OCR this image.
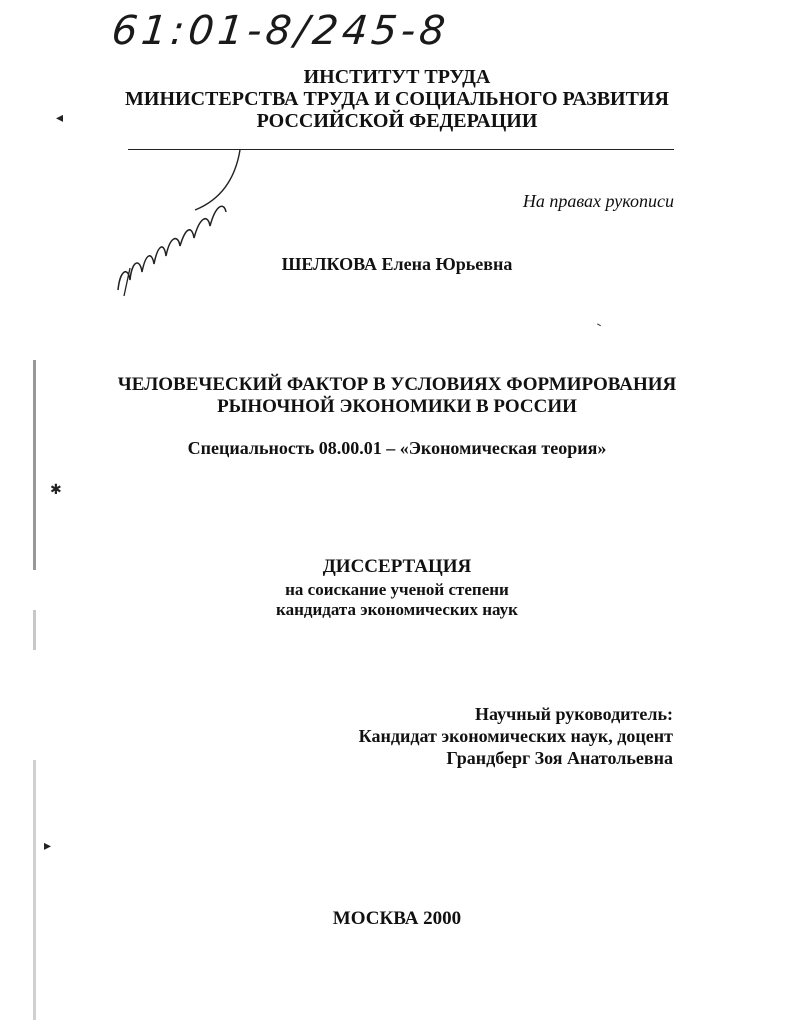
◂
✱
▸
61:01-8/245-8
ИНСТИТУТ ТРУДА
МИНИСТЕРСТВА ТРУДА И СОЦИАЛЬНОГО РАЗВИТИЯ
РОССИЙСКОЙ ФЕДЕРАЦИИ
На правах рукописи
ШЕЛКОВА Елена Юрьевна
ЧЕЛОВЕЧЕСКИЙ ФАКТОР В УСЛОВИЯХ ФОРМИРОВАНИЯ
РЫНОЧНОЙ ЭКОНОМИКИ В РОССИИ
Специальность 08.00.01 – «Экономическая теория»
ДИССЕРТАЦИЯ
на соискание ученой степени
кандидата экономических наук
Научный руководитель:
Кандидат экономических наук, доцент
Грандберг Зоя Анатольевна
МОСКВА 2000
